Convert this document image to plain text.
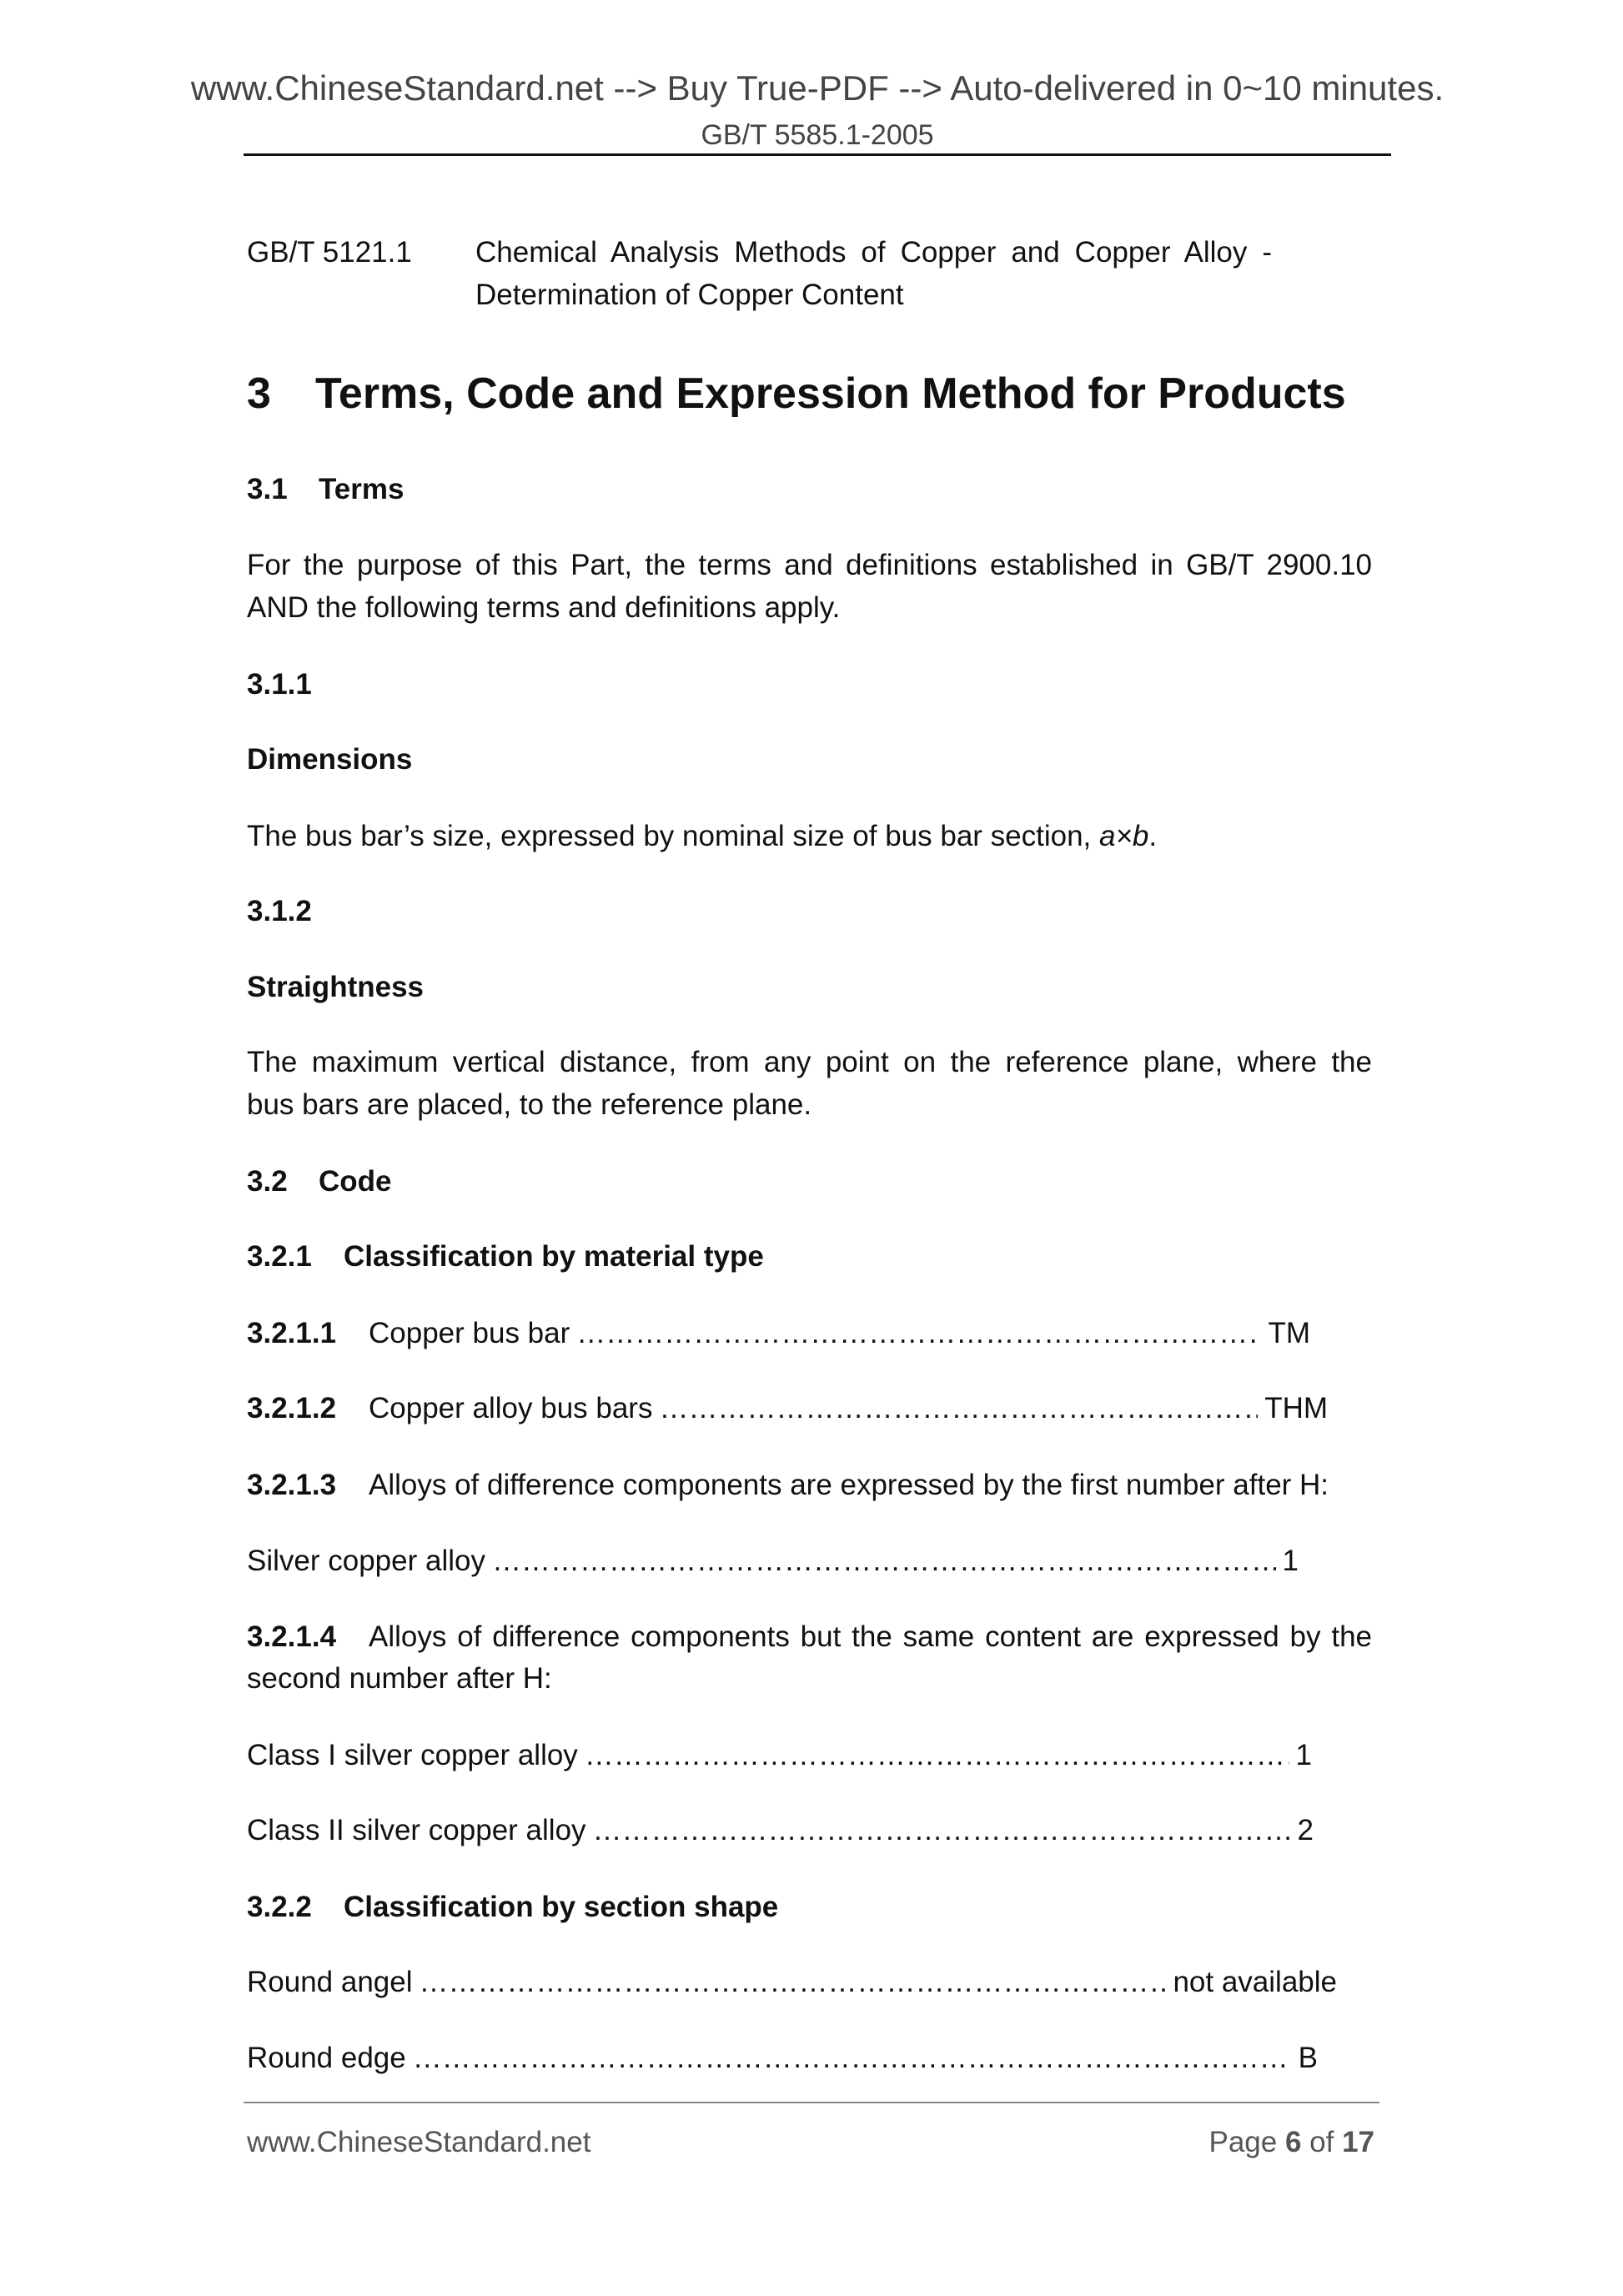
www.ChineseStandard.net --> Buy True-PDF --> Auto-delivered in 0~10 minutes.
GB/T 5585.1-2005
GB/T 5121.1 Chemical Analysis Methods of Copper and Copper Alloy -
Determination of Copper Content
3 Terms, Code and Expression Method for Products
3.1 Terms
For the purpose of this Part, the terms and definitions established in GB/T 2900.10
AND the following terms and definitions apply.
3.1.1
Dimensions
The bus bar’s size, expressed by nominal size of bus bar section, a×b.
3.1.2
Straightness
The maximum vertical distance, from any point on the reference plane, where the
bus bars are placed, to the reference plane.
3.2 Code
3.2.1 Classification by material type
3.2.1.1	Copper bus bar ……………………………………………………………………………………………………………………………………	TM
3.2.1.2	Copper alloy bus bars ……………………………………………………………………………………………………………………………………	THM
3.2.1.3 Alloys of difference components are expressed by the first number after H:
Silver copper alloy ……………………………………………………………………………………………………………………………………	1
3.2.1.4 Alloys of difference components but the same content are expressed by the
second number after H:
Class I silver copper alloy ……………………………………………………………………………………………………………………………………	1
Class II silver copper alloy ……………………………………………………………………………………………………………………………………	2
3.2.2 Classification by section shape
Round angel ……………………………………………………………………………………………………………………………………	not available
Round edge ……………………………………………………………………………………………………………………………………	B
www.ChineseStandard.net	Page 6 of 17
